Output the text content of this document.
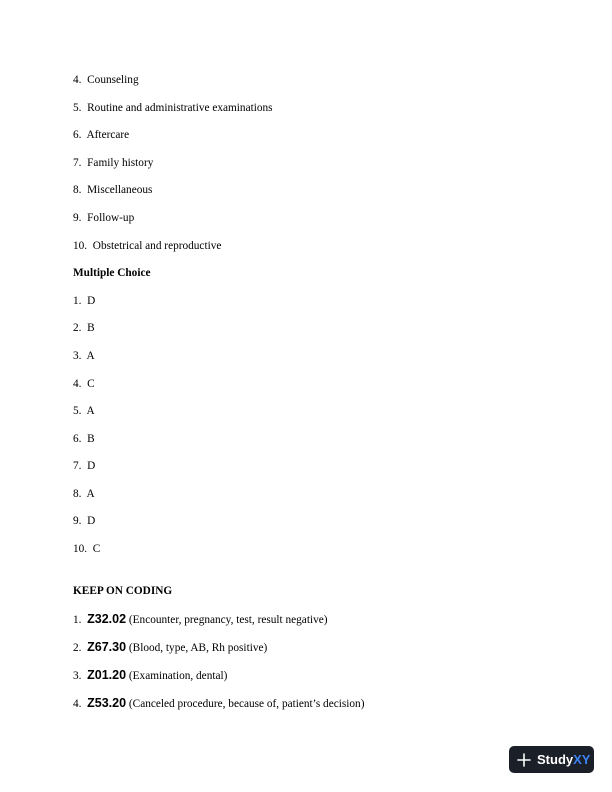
4. Counseling
5. Routine and administrative examinations
6. Aftercare
7. Family history
8. Miscellaneous
9. Follow-up
10. Obstetrical and reproductive
Multiple Choice
1. D
2. B
3. A
4. C
5. A
6. B
7. D
8. A
9. D
10. C
KEEP ON CODING
1. Z32.02 (Encounter, pregnancy, test, result negative)
2. Z67.30 (Blood, type, AB, Rh positive)
3. Z01.20 (Examination, dental)
4. Z53.20 (Canceled procedure, because of, patient’s decision)
Study XY
